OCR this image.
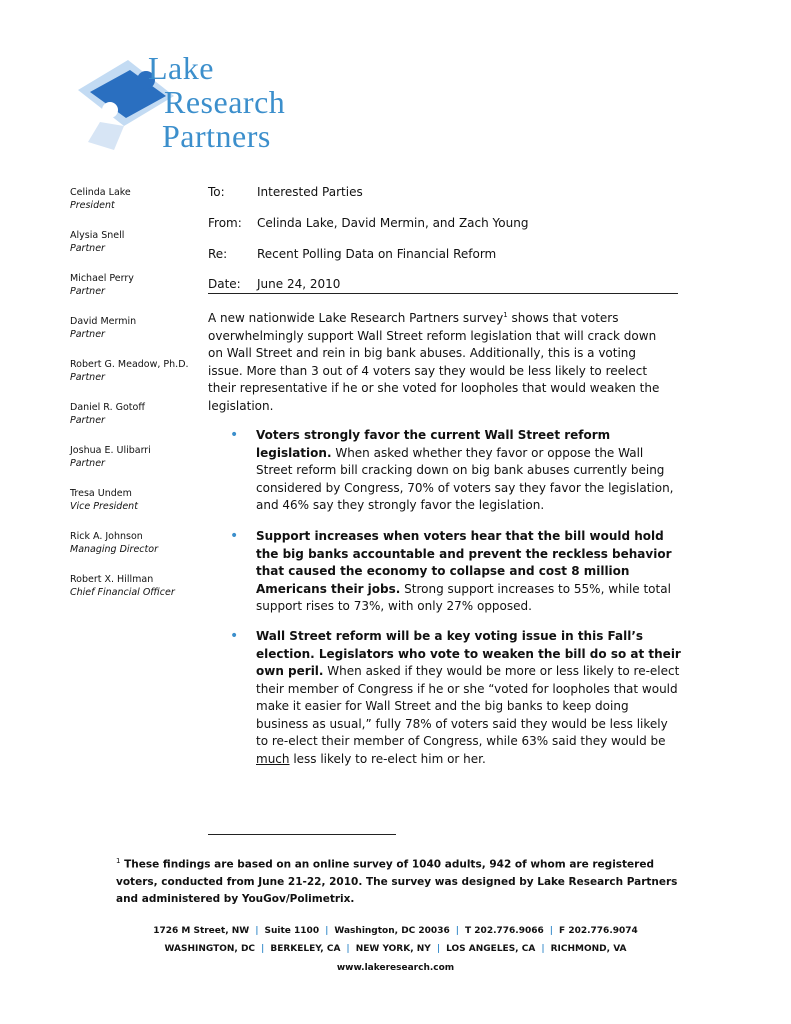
Lake
Research
Partners
Celinda Lake
President
Alysia Snell
Partner
Michael Perry
Partner
David Mermin
Partner
Robert G. Meadow, Ph.D.
Partner
Daniel R. Gotoff
Partner
Joshua E. Ulibarri
Partner
Tresa Undem
Vice President
Rick A. Johnson
Managing Director
Robert X. Hillman
Chief Financial Officer
To:	Interested Parties
From: Celinda Lake, David Mermin, and Zach Young
Re: Recent Polling Data on Financial Reform
Date: June 24, 2010
A new nationwide Lake Research Partners survey$^1$ shows that voters overwhelmingly support Wall Street reform legislation that will crack down on Wall Street and rein in big bank abuses. Additionally, this is a voting issue. More than 3 out of 4 voters say they would be less likely to reelect their representative if he or she voted for loopholes that would weaken the legislation.
• Voters strongly favor the current Wall Street reform legislation. When asked whether they favor or oppose the Wall Street reform bill cracking down on big bank abuses currently being considered by Congress, 70% of voters say they favor the legislation, and 46% say they strongly favor the legislation.
• Support increases when voters hear that the bill would hold the big banks accountable and prevent the reckless behavior that caused the economy to collapse and cost 8 million Americans their jobs. Strong support increases to 55%, while total support rises to 73%, with only 27% opposed.
• Wall Street reform will be a key voting issue in this Fall’s election. Legislators who vote to weaken the bill do so at their own peril. When asked if they would be more or less likely to re-elect their member of Congress if he or she “voted for loopholes that would make it easier for Wall Street and the big banks to keep doing business as usual,” fully 78% of voters said they would be less likely to re-elect their member of Congress, while 63% said they would be much less likely to re-elect him or her.
$^1$ These findings are based on an online survey of 1040 adults, 942 of whom are registered voters, conducted from June 21-22, 2010. The survey was designed by Lake Research Partners and administered by YouGov/Polimetrix.
1726 M Street, NW | Suite 1100 | Washington, DC 20036 | T 202.776.9066 | F 202.776.9074
WASHINGTON, DC | BERKELEY, CA | NEW YORK, NY | LOS ANGELES, CA | RICHMOND, VA
www.lakeresearch.com
